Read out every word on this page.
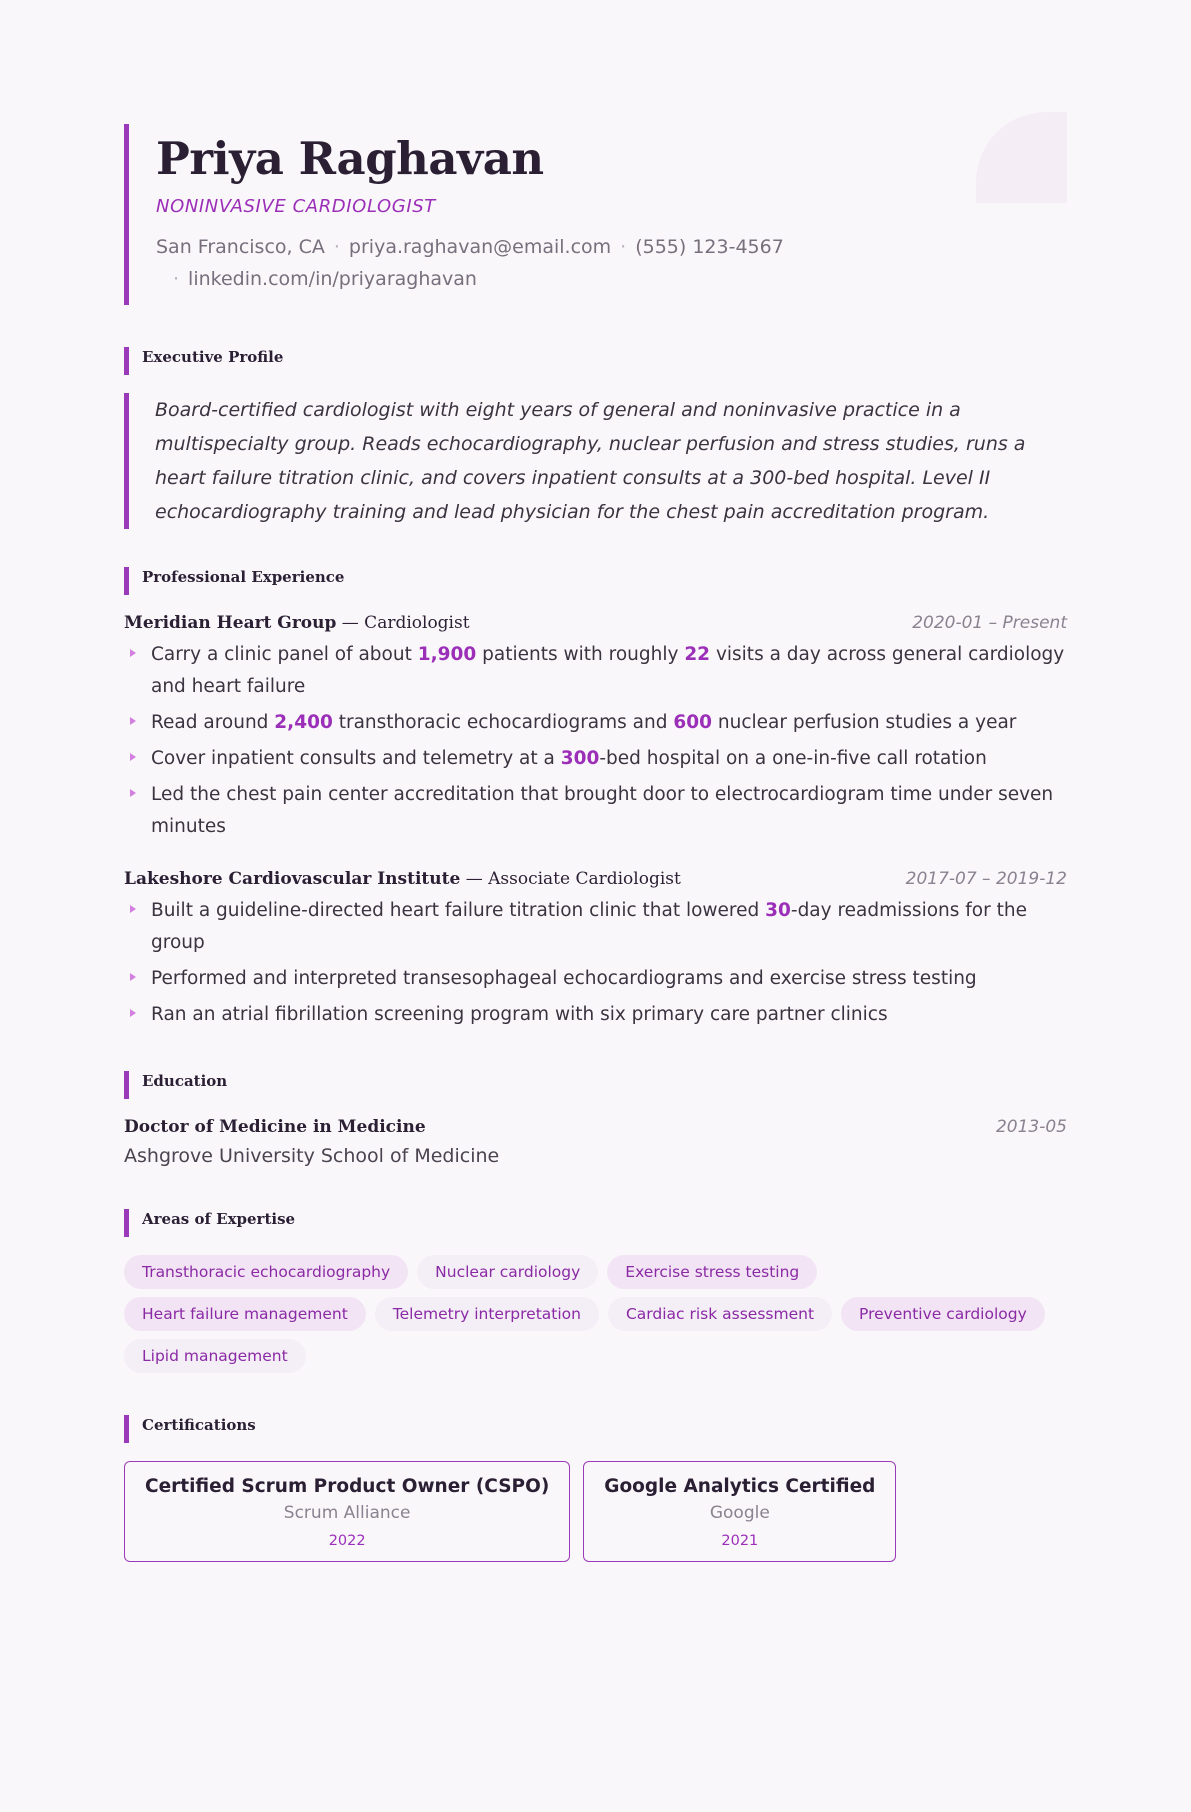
Priya Raghavan
NONINVASIVE CARDIOLOGIST
San Francisco, CA · priya.raghavan@email.com · (555) 123-4567
· linkedin.com/in/priyaraghavan
Executive Profile
Board-certified cardiologist with eight years of general and noninvasive practice in a multispecialty group. Reads echocardiography, nuclear perfusion and stress studies, runs a heart failure titration clinic, and covers inpatient consults at a 300-bed hospital. Level II echocardiography training and lead physician for the chest pain accreditation program.
Professional Experience
Meridian Heart Group — Cardiologist	2020-01 – Present
Carry a clinic panel of about 1,900 patients with roughly 22 visits a day across general cardiology and heart failure
Read around 2,400 transthoracic echocardiograms and 600 nuclear perfusion studies a year
Cover inpatient consults and telemetry at a 300-bed hospital on a one-in-five call rotation
Led the chest pain center accreditation that brought door to electrocardiogram time under seven minutes
Lakeshore Cardiovascular Institute — Associate Cardiologist	2017-07 – 2019-12
Built a guideline-directed heart failure titration clinic that lowered 30-day readmissions for the group
Performed and interpreted transesophageal echocardiograms and exercise stress testing
Ran an atrial fibrillation screening program with six primary care partner clinics
Education
Doctor of Medicine in Medicine	2013-05
Ashgrove University School of Medicine
Areas of Expertise
Transthoracic echocardiography	Nuclear cardiology	Exercise stress testing
Heart failure management	Telemetry interpretation	Cardiac risk assessment	Preventive cardiology
Lipid management
Certifications
Certified Scrum Product Owner (CSPO)
Scrum Alliance
2022
Google Analytics Certified
Google
2021
